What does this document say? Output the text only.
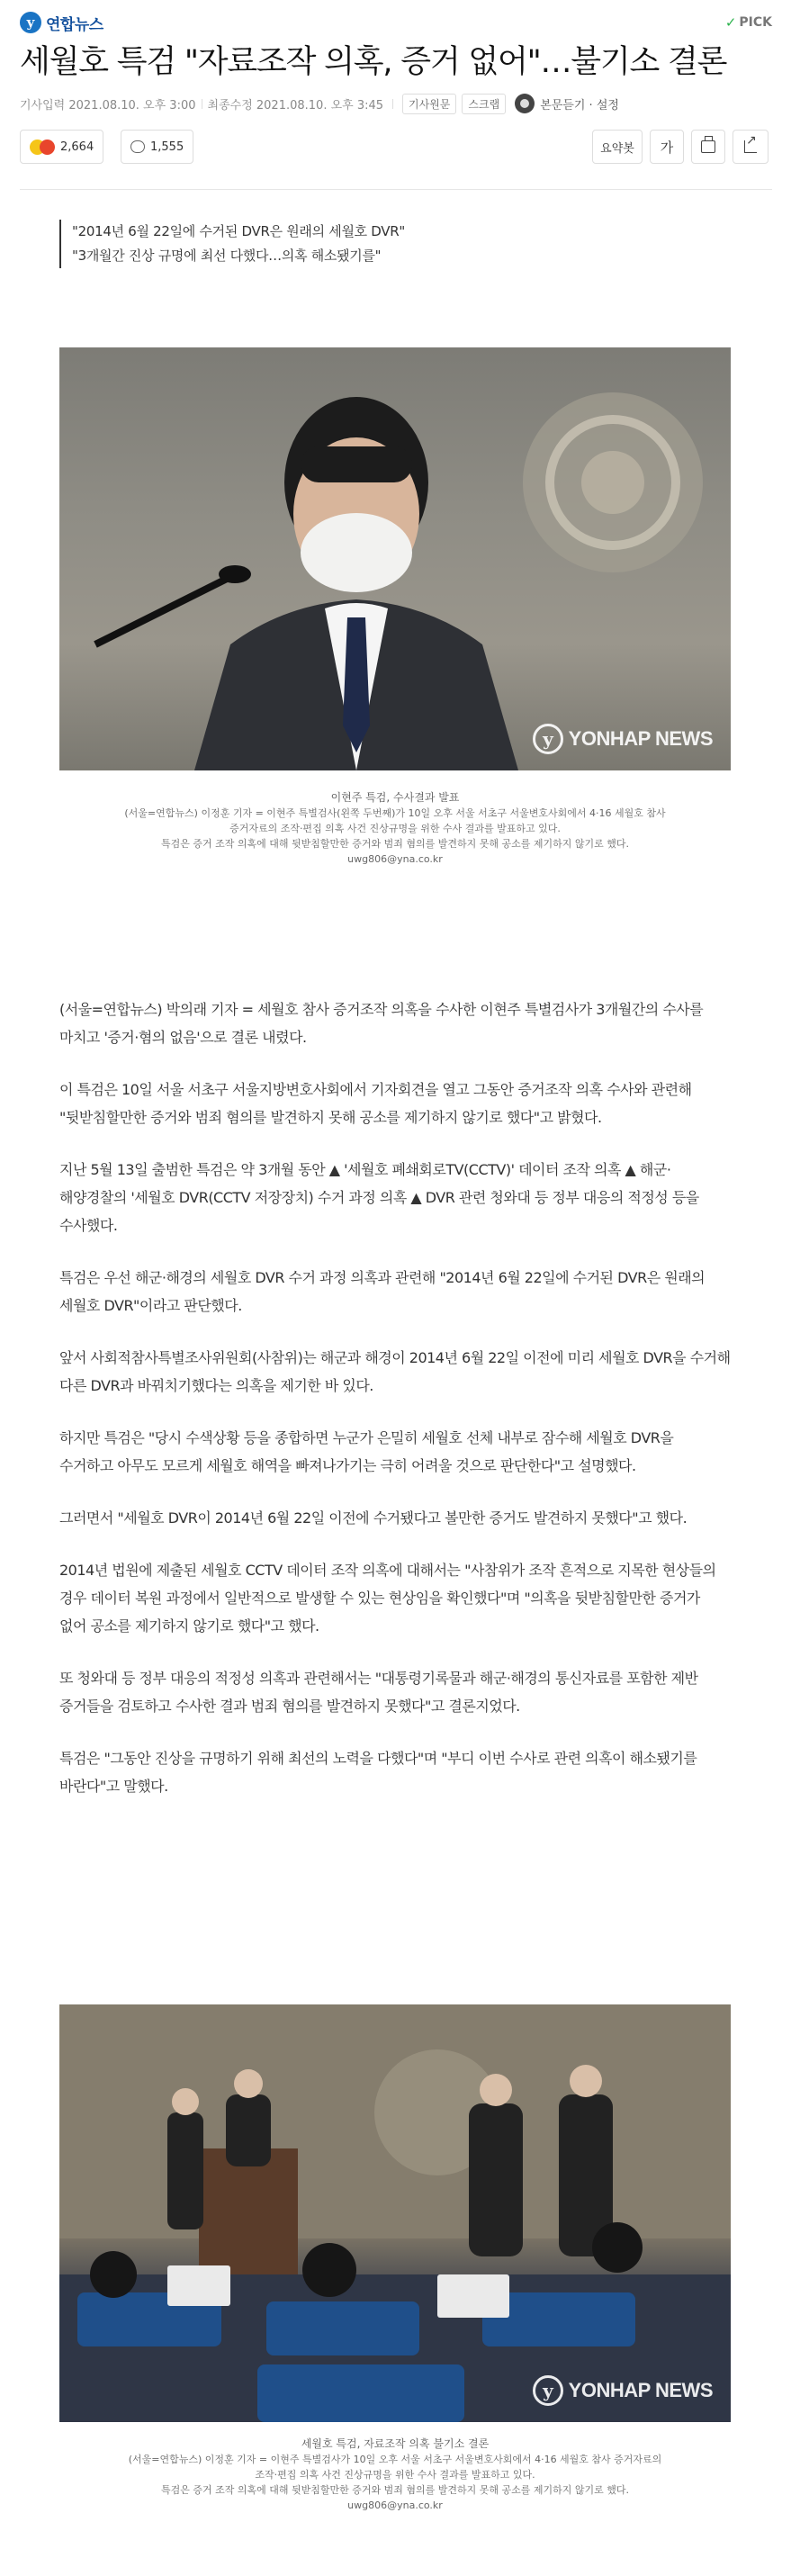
y 연합뉴스	✓ PICK
세월호 특검 "자료조작 의혹, 증거 없어"…불기소 결론
기사입력 2021.08.10. 오후 3:00 최종수정 2021.08.10. 오후 3:45	기사원문	스크랩	본문듣기 · 설정
2,664	1,555	요약봇	가
↗

"2014년 6월 22일에 수거된 DVR은 원래의 세월호 DVR"

"3개월간 진상 규명에 최선 다했다…의혹 해소됐기를"

y YONHAP NEWS
이현주 특검, 수사결과 발표
(서울=연합뉴스) 이정훈 기자 = 이현주 특별검사(왼쪽 두번째)가 10일 오후 서울 서초구 서울변호사회에서 4·16 세월호 참사
증거자료의 조작·편집 의혹 사건 진상규명을 위한 수사 결과를 발표하고 있다.
특검은 증거 조작 의혹에 대해 뒷받침할만한 증거와 범죄 혐의를 발견하지 못해 공소를 제기하지 않기로 했다.
uwg806@yna.co.kr

(서울=연합뉴스) 박의래 기자 = 세월호 참사 증거조작 의혹을 수사한 이현주 특별검사가 3개월간의 수사를 마치고 '증거·혐의 없음'으로 결론 내렸다.

이 특검은 10일 서울 서초구 서울지방변호사회에서 기자회견을 열고 그동안 증거조작 의혹 수사와 관련해 "뒷받침할만한 증거와 범죄 혐의를 발견하지 못해 공소를 제기하지 않기로 했다"고 밝혔다.

지난 5월 13일 출범한 특검은 약 3개월 동안 ▲ '세월호 폐쇄회로TV(CCTV)' 데이터 조작 의혹 ▲ 해군·해양경찰의 '세월호 DVR(CCTV 저장장치) 수거 과정 의혹 ▲ DVR 관련 청와대 등 정부 대응의 적정성 등을 수사했다.

특검은 우선 해군·해경의 세월호 DVR 수거 과정 의혹과 관련해 "2014년 6월 22일에 수거된 DVR은 원래의 세월호 DVR"이라고 판단했다.

앞서 사회적참사특별조사위원회(사참위)는 해군과 해경이 2014년 6월 22일 이전에 미리 세월호 DVR을 수거해 다른 DVR과 바꿔치기했다는 의혹을 제기한 바 있다.

하지만 특검은 "당시 수색상황 등을 종합하면 누군가 은밀히 세월호 선체 내부로 잠수해 세월호 DVR을 수거하고 아무도 모르게 세월호 해역을 빠져나가기는 극히 어려울 것으로 판단한다"고 설명했다.

그러면서 "세월호 DVR이 2014년 6월 22일 이전에 수거됐다고 볼만한 증거도 발견하지 못했다"고 했다.

2014년 법원에 제출된 세월호 CCTV 데이터 조작 의혹에 대해서는 "사참위가 조작 흔적으로 지목한 현상들의 경우 데이터 복원 과정에서 일반적으로 발생할 수 있는 현상임을 확인했다"며 "의혹을 뒷받침할만한 증거가 없어 공소를 제기하지 않기로 했다"고 했다.

또 청와대 등 정부 대응의 적정성 의혹과 관련해서는 "대통령기록물과 해군·해경의 통신자료를 포함한 제반 증거들을 검토하고 수사한 결과 범죄 혐의를 발견하지 못했다"고 결론지었다.

특검은 "그동안 진상을 규명하기 위해 최선의 노력을 다했다"며 "부디 이번 수사로 관련 의혹이 해소됐기를 바란다"고 말했다.

y YONHAP NEWS
세월호 특검, 자료조작 의혹 불기소 결론
(서울=연합뉴스) 이정훈 기자 = 이현주 특별검사가 10일 오후 서울 서초구 서울변호사회에서 4·16 세월호 참사 증거자료의
조작·편집 의혹 사건 진상규명을 위한 수사 결과를 발표하고 있다.
특검은 증거 조작 의혹에 대해 뒷받침할만한 증거와 범죄 혐의를 발견하지 못해 공소를 제기하지 않기로 했다.
uwg806@yna.co.kr
